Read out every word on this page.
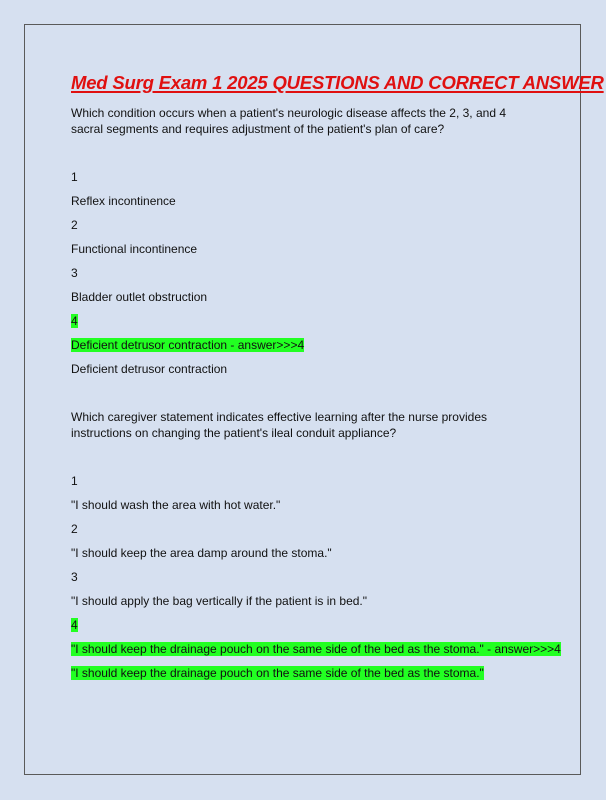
Med Surg Exam 1 2025 QUESTIONS AND CORRECT ANSWER

Which condition occurs when a patient's neurologic disease affects the 2, 3, and 4 sacral segments and requires adjustment of the patient's plan of care?

1

Reflex incontinence

2

Functional incontinence

3

Bladder outlet obstruction

4

Deficient detrusor contraction - answer>>>4

Deficient detrusor contraction

Which caregiver statement indicates effective learning after the nurse provides instructions on changing the patient's ileal conduit appliance?

1

"I should wash the area with hot water."

2

"I should keep the area damp around the stoma."

3

"I should apply the bag vertically if the patient is in bed."

4

"I should keep the drainage pouch on the same side of the bed as the stoma." - answer>>>4

"I should keep the drainage pouch on the same side of the bed as the stoma."
